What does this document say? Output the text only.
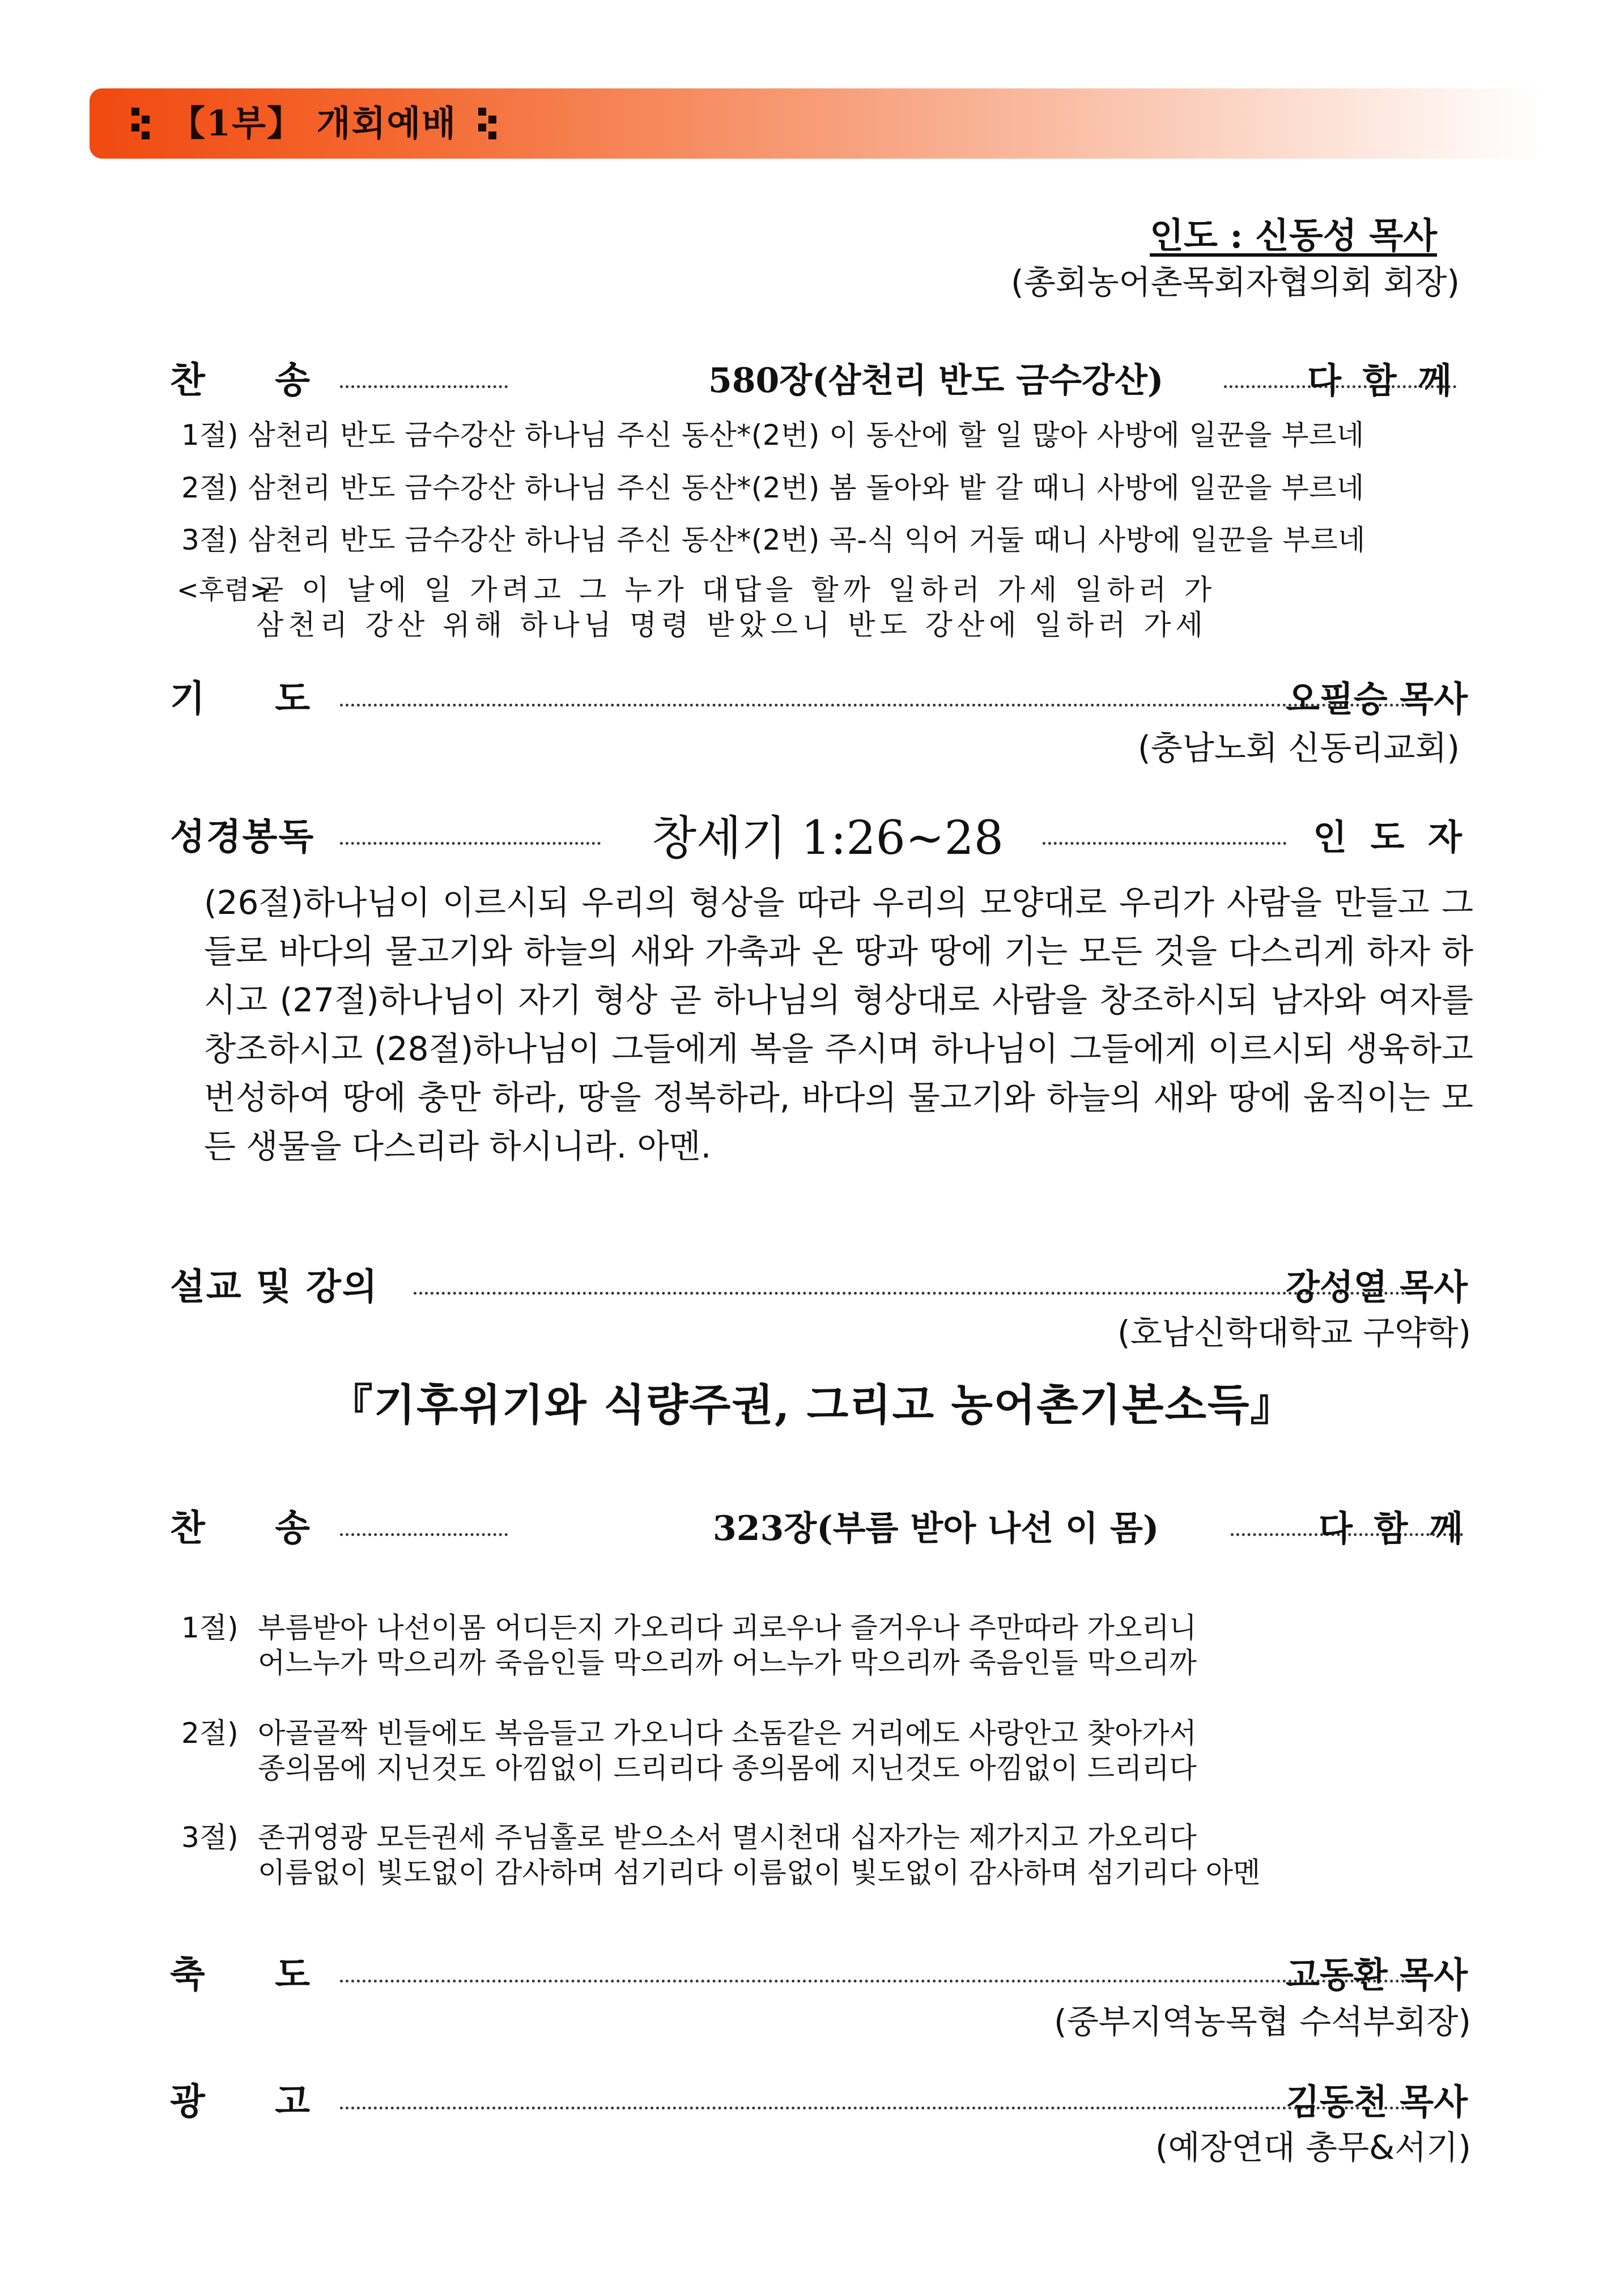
【1부】 개회예배
인도 : 신동성 목사
(총회농어촌목회자협의회 회장)
찬     송	580장(삼천리 반도 금수강산)	다 함 께
1절) 삼천리 반도 금수강산 하나님 주신 동산*(2번) 이 동산에 할 일 많아 사방에 일꾼을 부르네
2절) 삼천리 반도 금수강산 하나님 주신 동산*(2번) 봄 돌아와 밭 갈 때니 사방에 일꾼을 부르네
3절) 삼천리 반도 금수강산 하나님 주신 동산*(2번) 곡-식 익어 거둘 때니 사방에 일꾼을 부르네
<후렴>
곧 이 날에 일 가려고 그 누가 대답을 할까 일하러 가세 일하러 가
삼천리 강산 위해 하나님 명령 받았으니 반도 강산에 일하러 가세
기     도	오필승 목사
(충남노회 신동리교회)
성경봉독	창세기 1:26~28	인 도 자
(26절)하나님이 이르시되 우리의 형상을 따라 우리의 모양대로 우리가 사람을 만들고 그들로 바다의 물고기와 하늘의 새와 가축과 온 땅과 땅에 기는 모든 것을 다스리게 하자 하시고 (27절)하나님이 자기 형상 곧 하나님의 형상대로 사람을 창조하시되 남자와 여자를 창조하시고 (28절)하나님이 그들에게 복을 주시며 하나님이 그들에게 이르시되 생육하고 번성하여 땅에 충만 하라, 땅을 정복하라, 바다의 물고기와 하늘의 새와 땅에 움직이는 모든 생물을 다스리라 하시니라. 아멘.
설교 및 강의	강성열 목사
(호남신학대학교 구약학)
『기후위기와 식량주권, 그리고 농어촌기본소득』
찬     송	323장(부름 받아 나선 이 몸)	다 함 께
1절) 부름받아 나선이몸 어디든지 가오리다 괴로우나 즐거우나 주만따라 가오리니
어느누가 막으리까 죽음인들 막으리까 어느누가 막으리까 죽음인들 막으리까
2절) 아골골짝 빈들에도 복음들고 가오니다 소돔같은 거리에도 사랑안고 찾아가서
종의몸에 지닌것도 아낌없이 드리리다 종의몸에 지닌것도 아낌없이 드리리다
3절) 존귀영광 모든권세 주님홀로 받으소서 멸시천대 십자가는 제가지고 가오리다
이름없이 빛도없이 감사하며 섬기리다 이름없이 빛도없이 감사하며 섬기리다 아멘
축     도	고동환 목사
(중부지역농목협 수석부회장)
광     고	김동천 목사
(예장연대 총무&서기)
